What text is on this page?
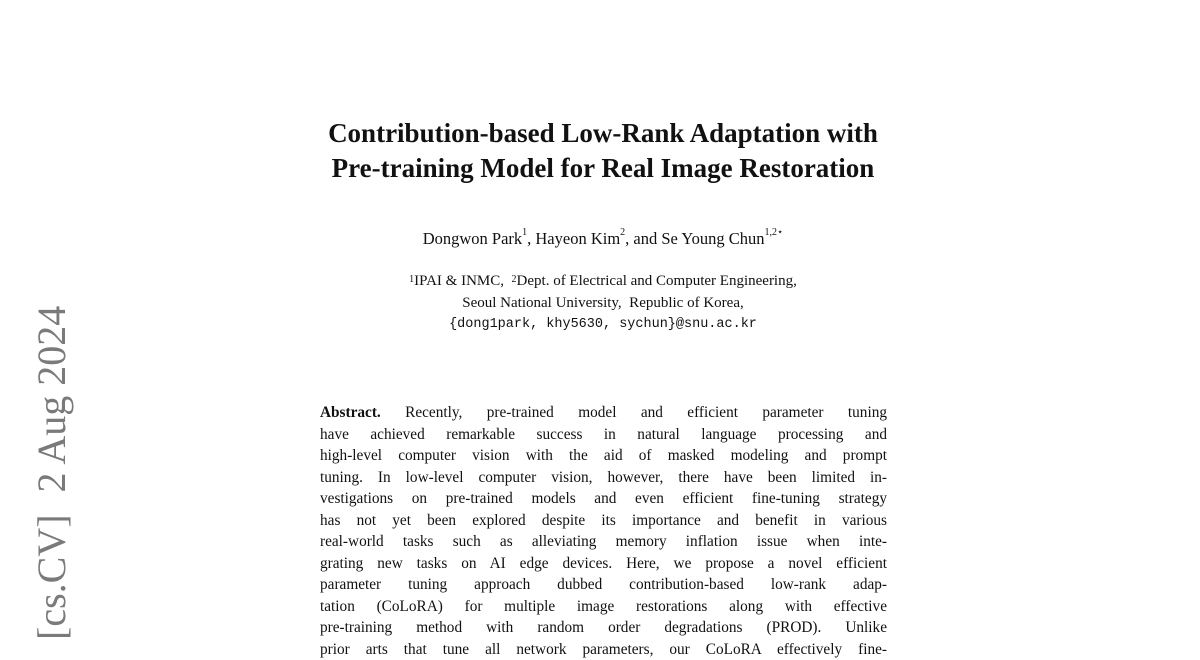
[cs.CV]2 Aug 2024
Contribution-based Low-Rank Adaptation with
Pre-training Model for Real Image Restoration
Dongwon Park$^1$, Hayeon Kim$^2$, and Se Young Chun$^{1,2⋆}$
$^1$IPAI & INMC, $^2$Dept. of Electrical and Computer Engineering,
Seoul National University,  Republic of Korea,
{dong1park, khy5630, sychun}@snu.ac.kr
Abstract. Recently, pre-trained model and efficient parameter tuning
have achieved remarkable success in natural language processing and
high-level computer vision with the aid of masked modeling and prompt
tuning. In low-level computer vision, however, there have been limited in-
vestigations on pre-trained models and even efficient fine-tuning strategy
has not yet been explored despite its importance and benefit in various
real-world tasks such as alleviating memory inflation issue when inte-
grating new tasks on AI edge devices. Here, we propose a novel efficient
parameter tuning approach dubbed contribution-based low-rank adap-
tation (CoLoRA) for multiple image restorations along with effective
pre-training method with random order degradations (PROD). Unlike
prior arts that tune all network parameters, our CoLoRA effectively fine-
